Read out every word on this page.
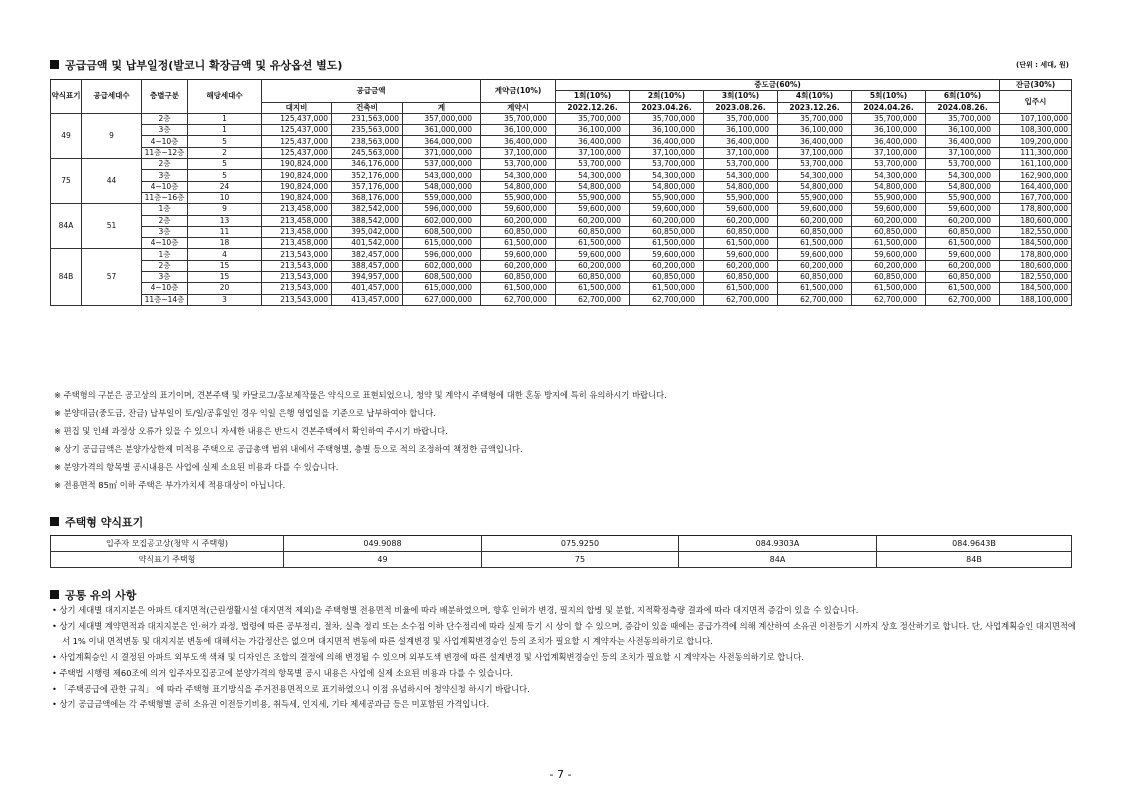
공급금액 및 납부일정(발코니 확장금액 및 유상옵션 별도)	(단위 : 세대, 원)
약식표기	공급세대수	층별구분	해당세대수	공급금액			계약금(10%)	중도금(60%)						잔금(30%)
								1회(10%)	2회(10%)	3회(10%)	4회(10%)	5회(10%)	6회(10%)	입주시
				대지비	건축비	계	계약시	2022.12.26.	2023.04.26.	2023.08.26.	2023.12.26.	2024.04.26.	2024.08.26.	
49	9	2층	1	125,437,000	231,563,000	357,000,000	35,700,000	35,700,000	35,700,000	35,700,000	35,700,000	35,700,000	35,700,000	107,100,000
		3층	1	125,437,000	235,563,000	361,000,000	36,100,000	36,100,000	36,100,000	36,100,000	36,100,000	36,100,000	36,100,000	108,300,000
		4~10층	5	125,437,000	238,563,000	364,000,000	36,400,000	36,400,000	36,400,000	36,400,000	36,400,000	36,400,000	36,400,000	109,200,000
		11층~12층	2	125,437,000	245,563,000	371,000,000	37,100,000	37,100,000	37,100,000	37,100,000	37,100,000	37,100,000	37,100,000	111,300,000
75	44	2층	5	190,824,000	346,176,000	537,000,000	53,700,000	53,700,000	53,700,000	53,700,000	53,700,000	53,700,000	53,700,000	161,100,000
		3층	5	190,824,000	352,176,000	543,000,000	54,300,000	54,300,000	54,300,000	54,300,000	54,300,000	54,300,000	54,300,000	162,900,000
		4~10층	24	190,824,000	357,176,000	548,000,000	54,800,000	54,800,000	54,800,000	54,800,000	54,800,000	54,800,000	54,800,000	164,400,000
		11층~16층	10	190,824,000	368,176,000	559,000,000	55,900,000	55,900,000	55,900,000	55,900,000	55,900,000	55,900,000	55,900,000	167,700,000
84A	51	1층	9	213,458,000	382,542,000	596,000,000	59,600,000	59,600,000	59,600,000	59,600,000	59,600,000	59,600,000	59,600,000	178,800,000
		2층	13	213,458,000	388,542,000	602,000,000	60,200,000	60,200,000	60,200,000	60,200,000	60,200,000	60,200,000	60,200,000	180,600,000
		3층	11	213,458,000	395,042,000	608,500,000	60,850,000	60,850,000	60,850,000	60,850,000	60,850,000	60,850,000	60,850,000	182,550,000
		4~10층	18	213,458,000	401,542,000	615,000,000	61,500,000	61,500,000	61,500,000	61,500,000	61,500,000	61,500,000	61,500,000	184,500,000
84B	57	1층	4	213,543,000	382,457,000	596,000,000	59,600,000	59,600,000	59,600,000	59,600,000	59,600,000	59,600,000	59,600,000	178,800,000
		2층	15	213,543,000	388,457,000	602,000,000	60,200,000	60,200,000	60,200,000	60,200,000	60,200,000	60,200,000	60,200,000	180,600,000
		3층	15	213,543,000	394,957,000	608,500,000	60,850,000	60,850,000	60,850,000	60,850,000	60,850,000	60,850,000	60,850,000	182,550,000
		4~10층	20	213,543,000	401,457,000	615,000,000	61,500,000	61,500,000	61,500,000	61,500,000	61,500,000	61,500,000	61,500,000	184,500,000
		11층~14층	3	213,543,000	413,457,000	627,000,000	62,700,000	62,700,000	62,700,000	62,700,000	62,700,000	62,700,000	62,700,000	188,100,000
※ 주택형의 구분은 공고상의 표기이며, 견본주택 및 카달로그/홍보제작물은 약식으로 표현되었으니, 청약 및 계약시 주택형에 대한 혼동 방지에 특히 유의하시기 바랍니다.
※ 분양대금(중도금, 잔금) 납부일이 토/일/공휴일인 경우 익일 은행 영업일을 기준으로 납부하여야 합니다.
※ 편집 및 인쇄 과정상 오류가 있을 수 있으니 자세한 내용은 반드시 견본주택에서 확인하여 주시기 바랍니다.
※ 상기 공급금액은 분양가상한제 미적용 주택으로 공급총액 범위 내에서 주택형별, 층별 등으로 적의 조정하여 책정한 금액입니다.
※ 분양가격의 항목별 공시내용은 사업에 실제 소요된 비용과 다를 수 있습니다.
※ 전용면적 85㎡ 이하 주택은 부가가치세 적용대상이 아닙니다.
주택형 약식표기
입주자 모집공고상(청약 시 주택형)	049.9088	075.9250	084.9303A	084.9643B
약식표기 주택형	49	75	84A	84B
공통 유의 사항
• 상기 세대별 대지지분은 아파트 대지면적(근린생활시설 대지면적 제외)을 주택형별 전용면적 비율에 따라 배분하였으며, 향후 인허가 변경, 필지의 합병 및 분할, 지적확정측량 결과에 따라 대지면적 증감이 있을 수 있습니다.
• 상기 세대별 계약면적과 대지지분은 인·허가 과정, 법령에 따른 공부정리, 절차, 실측 정리 또는 소수점 이하 단수정리에 따라 실제 등기 시 상이 할 수 있으며, 증감이 있을 때에는 공급가격에 의해 계산하여 소유권 이전등기 시까지 상호 정산하기로 합니다. 단, 사업계획승인 대지면적에서 1% 이내 면적변동 및 대지지분 변동에 대해서는 가감정산은 없으며 대지면적 변동에 따른 설계변경 및 사업계획변경승인 등의 조치가 필요할 시 계약자는 사전동의하기로 합니다.
• 사업계획승인 시 결정된 아파트 외부도색 색채 및 디자인은 조합의 결정에 의해 변경될 수 있으며 외부도색 변경에 따른 설계변경 및 사업계획변경승인 등의 조치가 필요할 시 계약자는 사전동의하기로 합니다.
• 주택법 시행령 제60조에 의거 입주자모집공고에 분양가격의 항목별 공시 내용은 사업에 실제 소요된 비용과 다를 수 있습니다.
• 「주택공급에 관한 규칙」 에 따라 주택형 표기방식을 주거전용면적으로 표기하였으니 이점 유념하시어 청약신청 하시기 바랍니다.
• 상기 공급금액에는 각 주택형별 공히 소유권 이전등기비용, 취득세, 인지세, 기타 제세공과금 등은 미포함된 가격입니다.
- 7 -
